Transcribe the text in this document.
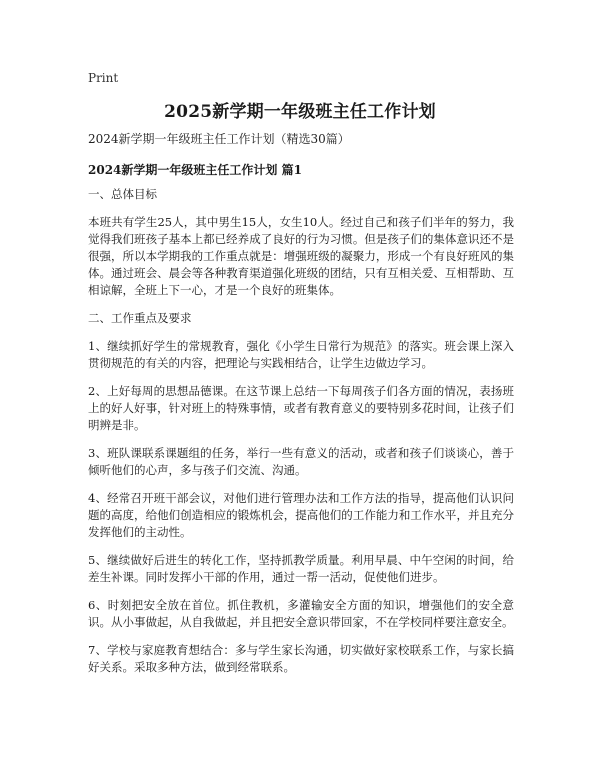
Print
2025新学期一年级班主任工作计划
2024新学期一年级班主任工作计划（精选30篇）
2024新学期一年级班主任工作计划 篇1

一、总体目标

本班共有学生25人，其中男生15人，女生10人。经过自己和孩子们半年的努力，我觉得我们班孩子基本上都已经养成了良好的行为习惯。但是孩子们的集体意识还不是很强，所以本学期我的工作重点就是：增强班级的凝聚力，形成一个有良好班风的集体。通过班会、晨会等各种教育渠道强化班级的团结，只有互相关爱、互相帮助、互相谅解，全班上下一心，才是一个良好的班集体。

二、工作重点及要求

1、继续抓好学生的常规教育，强化《小学生日常行为规范》的落实。班会课上深入贯彻规范的有关的内容，把理论与实践相结合，让学生边做边学习。

2、上好每周的思想品德课。在这节课上总结一下每周孩子们各方面的情况，表扬班上的好人好事，针对班上的特殊事情，或者有教育意义的要特别多花时间，让孩子们明辨是非。

3、班队课联系课题组的任务，举行一些有意义的活动，或者和孩子们谈谈心，善于倾听他们的心声，多与孩子们交流、沟通。

4、经常召开班干部会议，对他们进行管理办法和工作方法的指导，提高他们认识问题的高度，给他们创造相应的锻炼机会，提高他们的工作能力和工作水平，并且充分发挥他们的主动性。

5、继续做好后进生的转化工作，坚持抓教学质量。利用早晨、中午空闲的时间，给差生补课。同时发挥小干部的作用，通过一帮一活动，促使他们进步。

6、时刻把安全放在首位。抓住教机，多灌输安全方面的知识，增强他们的安全意识。从小事做起，从自我做起，并且把安全意识带回家，不在学校同样要注意安全。

7、学校与家庭教育想结合：多与学生家长沟通，切实做好家校联系工作，与家长搞好关系。采取多种方法，做到经常联系。
